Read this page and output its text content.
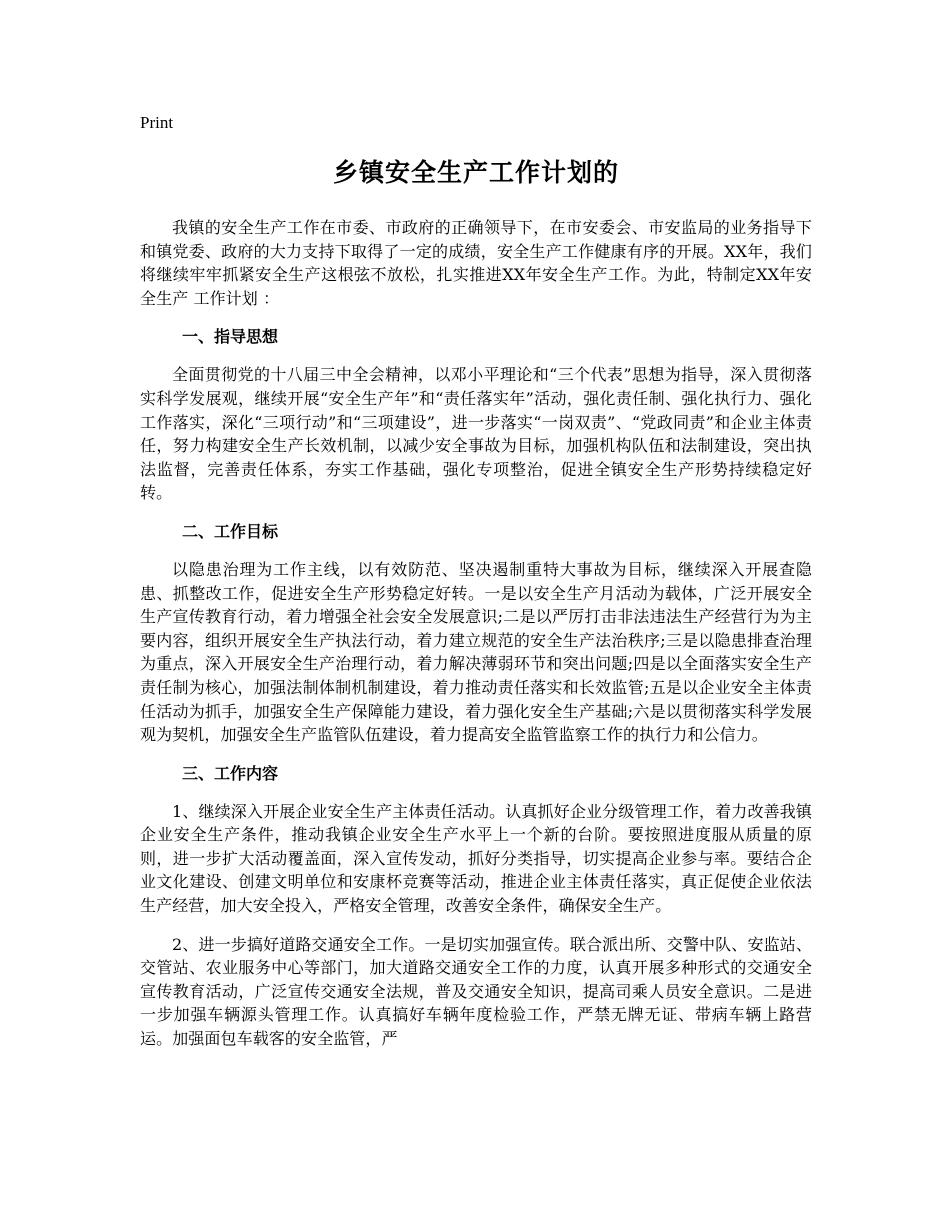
Print
乡镇安全生产工作计划的

我镇的安全生产工作在市委、市政府的正确领导下，在市安委会、市安监局的业务指导下和镇党委、政府的大力支持下取得了一定的成绩，安全生产工作健康有序的开展。XX年，我们将继续牢牢抓紧安全生产这根弦不放松，扎实推进XX年安全生产工作。为此，特制定XX年安全生产 工作计划 ：

一、指导思想

全面贯彻党的十八届三中全会精神，以邓小平理论和“三个代表”思想为指导，深入贯彻落实科学发展观，继续开展“安全生产年”和“责任落实年”活动，强化责任制、强化执行力、强化工作落实，深化“三项行动”和“三项建设”，进一步落实“一岗双责”、“党政同责”和企业主体责任，努力构建安全生产长效机制，以减少安全事故为目标，加强机构队伍和法制建设，突出执法监督，完善责任体系，夯实工作基础，强化专项整治，促进全镇安全生产形势持续稳定好转。

二、工作目标

以隐患治理为工作主线，以有效防范、坚决遏制重特大事故为目标，继续深入开展查隐患、抓整改工作，促进安全生产形势稳定好转。一是以安全生产月活动为载体，广泛开展安全生产宣传教育行动，着力增强全社会安全发展意识;二是以严厉打击非法违法生产经营行为为主要内容，组织开展安全生产执法行动，着力建立规范的安全生产法治秩序;三是以隐患排查治理为重点，深入开展安全生产治理行动，着力解决薄弱环节和突出问题;四是以全面落实安全生产责任制为核心，加强法制体制机制建设，着力推动责任落实和长效监管;五是以企业安全主体责任活动为抓手，加强安全生产保障能力建设，着力强化安全生产基础;六是以贯彻落实科学发展观为契机，加强安全生产监管队伍建设，着力提高安全监管监察工作的执行力和公信力。

三、工作内容

1、继续深入开展企业安全生产主体责任活动。认真抓好企业分级管理工作，着力改善我镇企业安全生产条件，推动我镇企业安全生产水平上一个新的台阶。要按照进度服从质量的原则，进一步扩大活动覆盖面，深入宣传发动，抓好分类指导，切实提高企业参与率。要结合企业文化建设、创建文明单位和安康杯竞赛等活动，推进企业主体责任落实，真正促使企业依法生产经营，加大安全投入，严格安全管理，改善安全条件，确保安全生产。

2、进一步搞好道路交通安全工作。一是切实加强宣传。联合派出所、交警中队、安监站、交管站、农业服务中心等部门，加大道路交通安全工作的力度，认真开展多种形式的交通安全宣传教育活动，广泛宣传交通安全法规，普及交通安全知识，提高司乘人员安全意识。二是进一步加强车辆源头管理工作。认真搞好车辆年度检验工作，严禁无牌无证、带病车辆上路营运。加强面包车载客的安全监管，严
